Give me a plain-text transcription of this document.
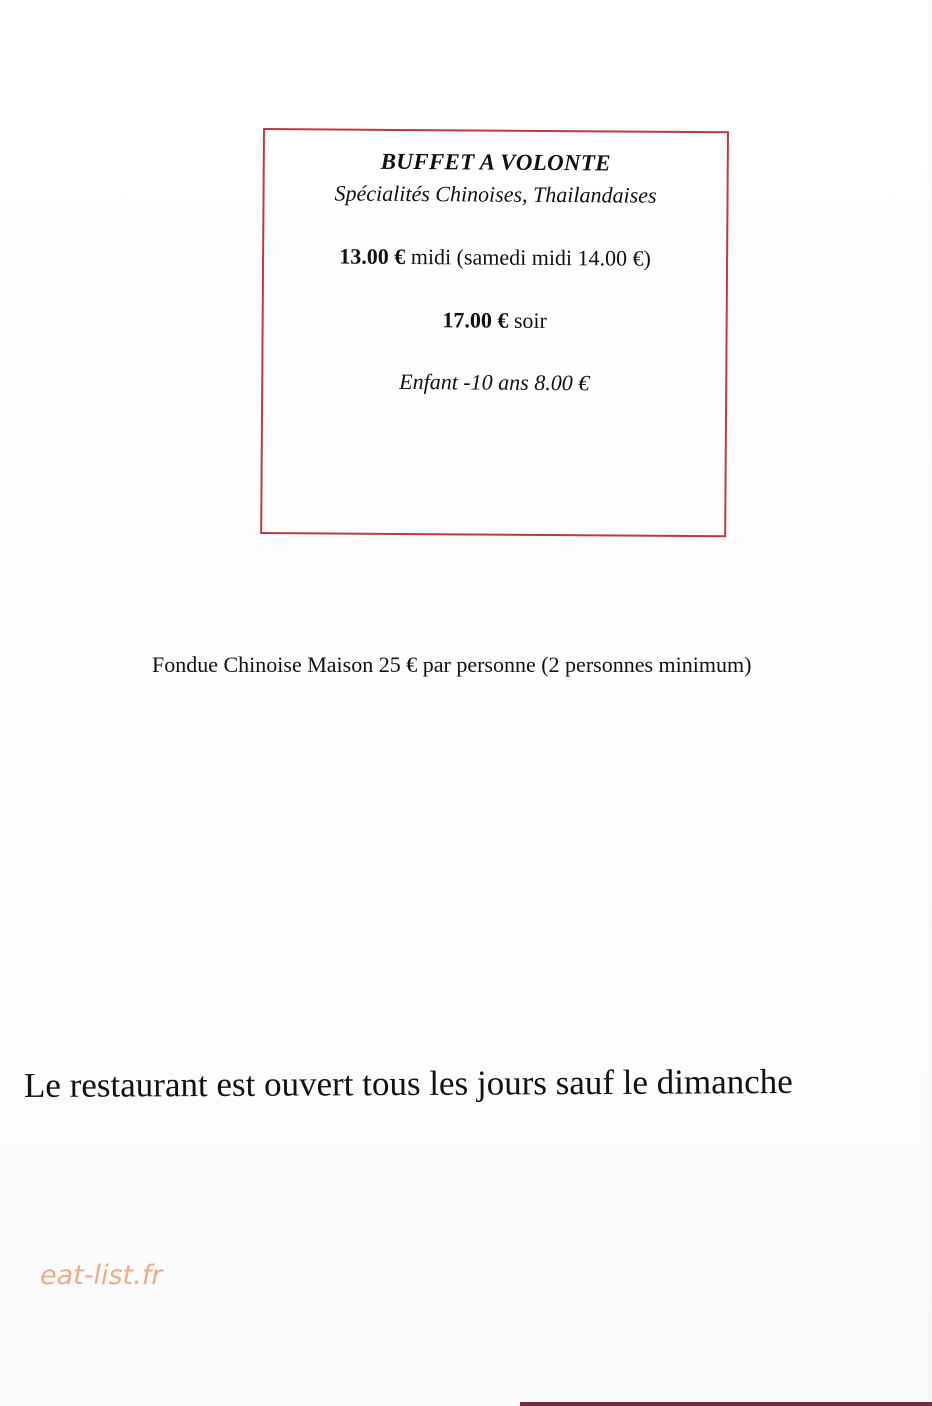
BUFFET A VOLONTE
Spécialités Chinoises, Thailandaises
13.00 € midi (samedi midi 14.00 €)
17.00 € soir
Enfant -10 ans 8.00 €
Fondue Chinoise Maison 25 € par personne (2 personnes minimum)
Le restaurant est ouvert tous les jours sauf le dimanche
eat-list.fr
